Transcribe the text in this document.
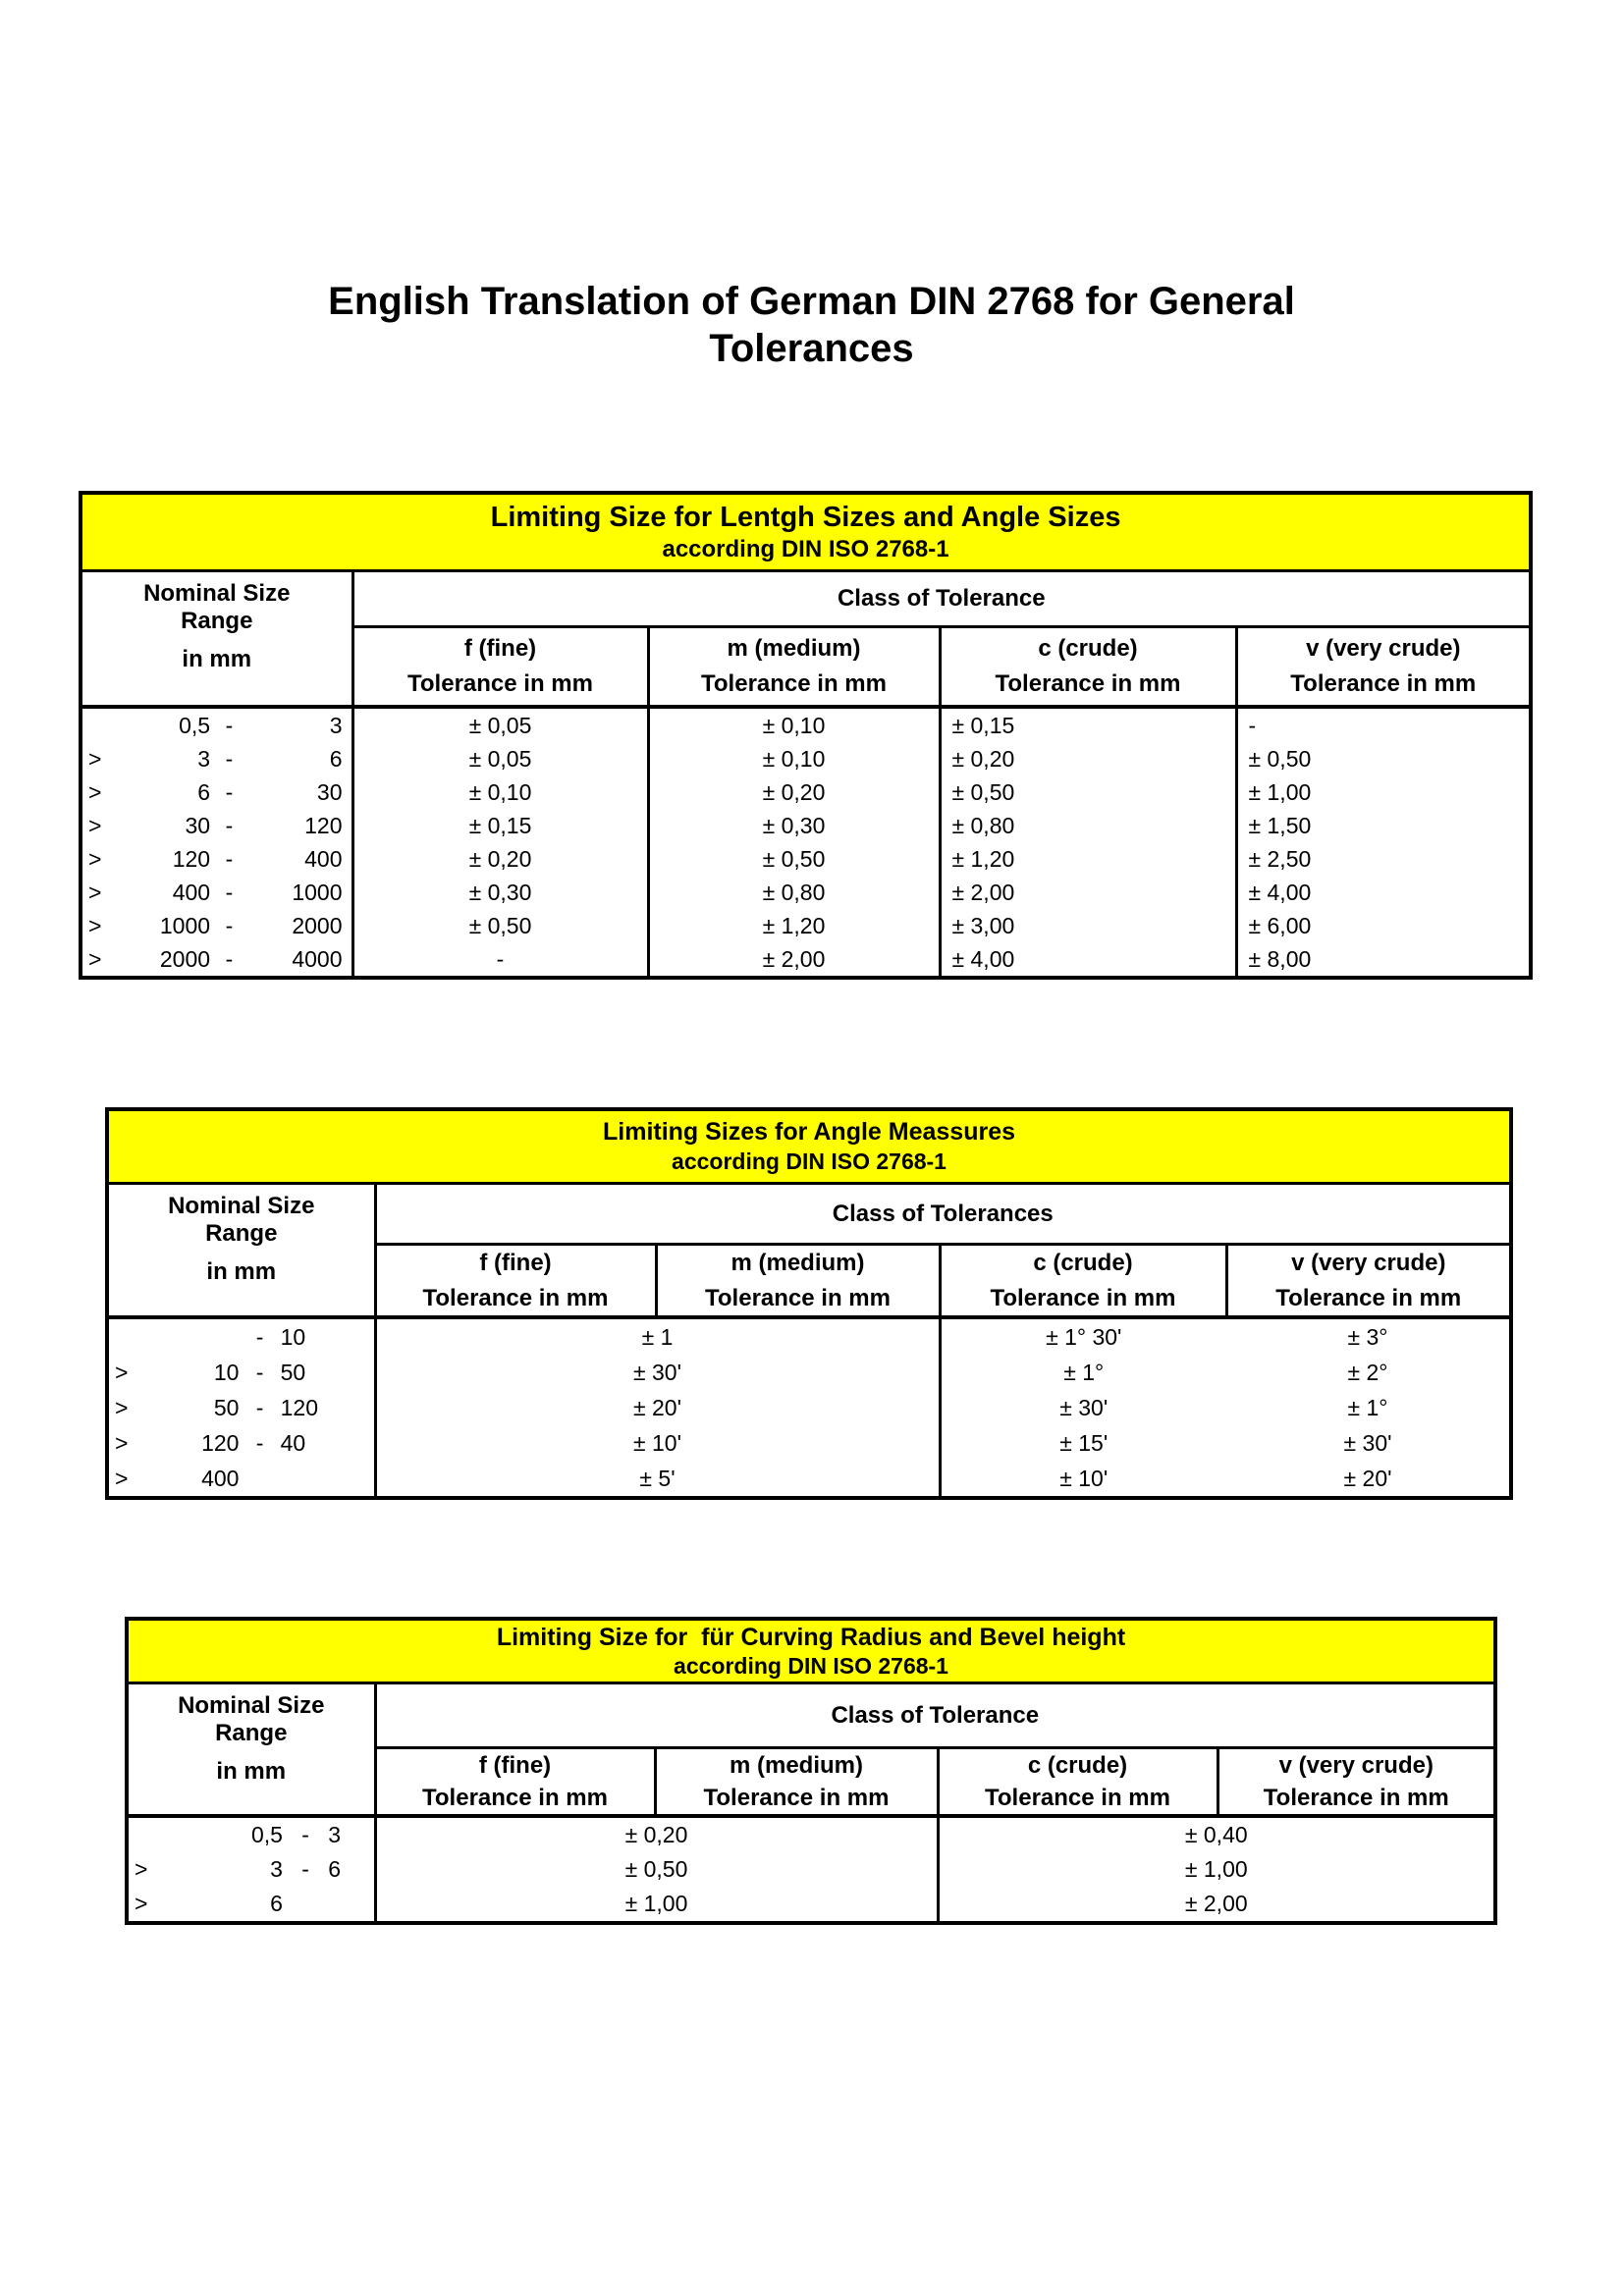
English Translation of German DIN 2768 for General
Tolerances
Limiting Size for Lentgh Sizes and Angle Sizes
according DIN ISO 2768-1				

Nominal Size
Range
in mm	Class of Tolerance			

f (fine)
Tolerance in mm

m (medium)
Tolerance in mm

c (crude)
Tolerance in mm

v (very crude)
Tolerance in mm

0,5 - 3	± 0,05	± 0,10	± 0,15	-

> 3 - 6	± 0,05	± 0,10	± 0,20	± 0,50

> 6 - 30	± 0,10	± 0,20	± 0,50	± 1,00

> 30 - 120	± 0,15	± 0,30	± 0,80	± 1,50

> 120 - 400	± 0,20	± 0,50	± 1,20	± 2,50

> 400 - 1000	± 0,30	± 0,80	± 2,00	± 4,00

> 1000 - 2000	± 0,50	± 1,20	± 3,00	± 6,00

> 2000 - 4000	-	± 2,00	± 4,00	± 8,00
Limiting Sizes for Angle Meassures
according DIN ISO 2768-1				

Nominal Size
Range
in mm	Class of Tolerances			

f (fine)
Tolerance in mm

m (medium)
Tolerance in mm

c (crude)
Tolerance in mm

v (very crude)
Tolerance in mm

- 10	± 1		± 1° 30'	± 3°

> 10 - 50	± 30'		± 1°	± 2°

> 50 - 120	± 20'		± 30'	± 1°

> 120 - 40	± 10'		± 15'	± 30'

> 400	± 5'		± 10'	± 20'
Limiting Size for  für Curving Radius and Bevel height
according DIN ISO 2768-1				

Nominal Size
Range
in mm	Class of Tolerance			

f (fine)
Tolerance in mm

m (medium)
Tolerance in mm

c (crude)
Tolerance in mm

v (very crude)
Tolerance in mm

0,5 - 3	± 0,20		± 0,40	

> 3 - 6	± 0,50		± 1,00	

> 6	± 1,00		± 2,00	
